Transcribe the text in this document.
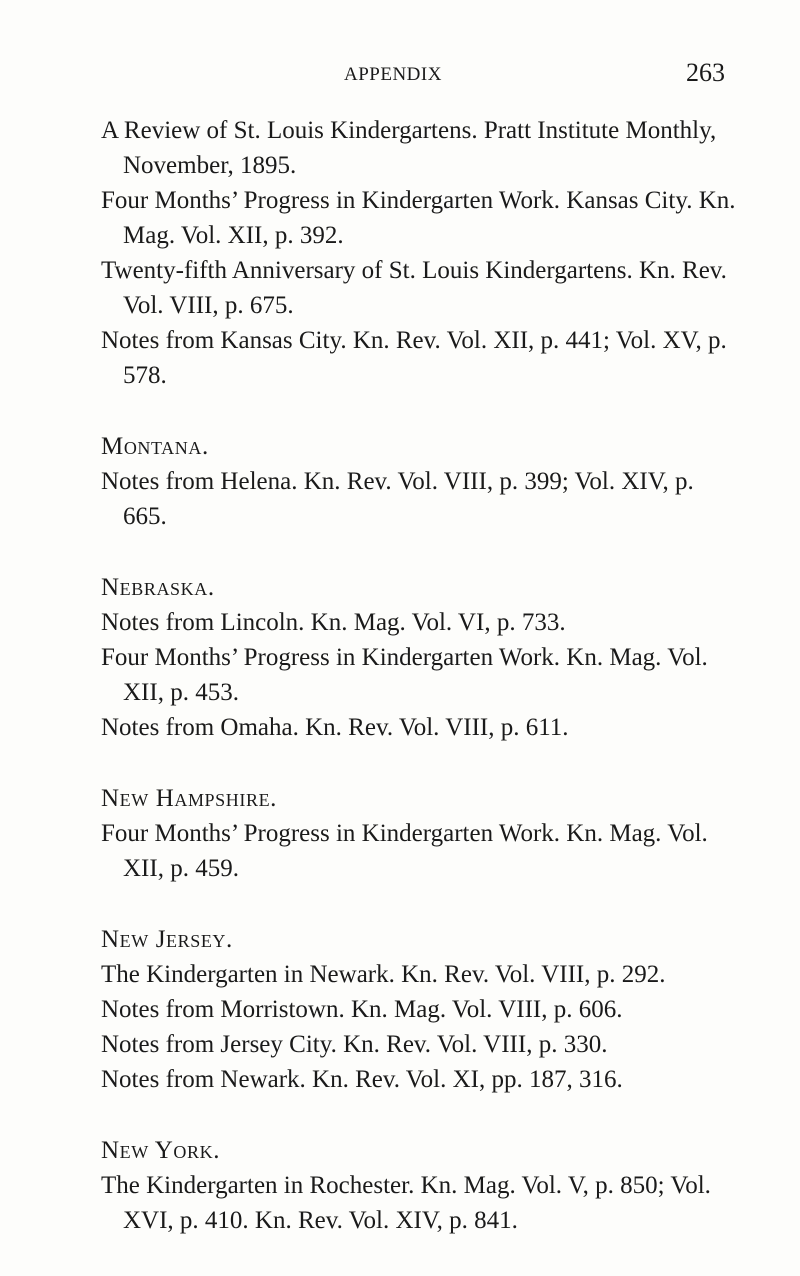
APPENDIX	263

A Review of St. Louis Kindergartens. Pratt Institute Monthly, November, 1895.

Four Months’ Progress in Kindergarten Work. Kansas City. Kn. Mag. Vol. XII, p. 392.

Twenty-fifth Anniversary of St. Louis Kindergartens. Kn. Rev. Vol. VIII, p. 675.

Notes from Kansas City. Kn. Rev. Vol. XII, p. 441; Vol. XV, p. 578.

Montana.

Notes from Helena. Kn. Rev. Vol. VIII, p. 399; Vol. XIV, p. 665.

Nebraska.

Notes from Lincoln. Kn. Mag. Vol. VI, p. 733.

Four Months’ Progress in Kindergarten Work. Kn. Mag. Vol. XII, p. 453.

Notes from Omaha. Kn. Rev. Vol. VIII, p. 611.

New Hampshire.

Four Months’ Progress in Kindergarten Work. Kn. Mag. Vol. XII, p. 459.

New Jersey.

The Kindergarten in Newark. Kn. Rev. Vol. VIII, p. 292.

Notes from Morristown. Kn. Mag. Vol. VIII, p. 606.

Notes from Jersey City. Kn. Rev. Vol. VIII, p. 330.

Notes from Newark. Kn. Rev. Vol. XI, pp. 187, 316.

New York.

The Kindergarten in Rochester. Kn. Mag. Vol. V, p. 850; Vol. XVI, p. 410. Kn. Rev. Vol. XIV, p. 841.
